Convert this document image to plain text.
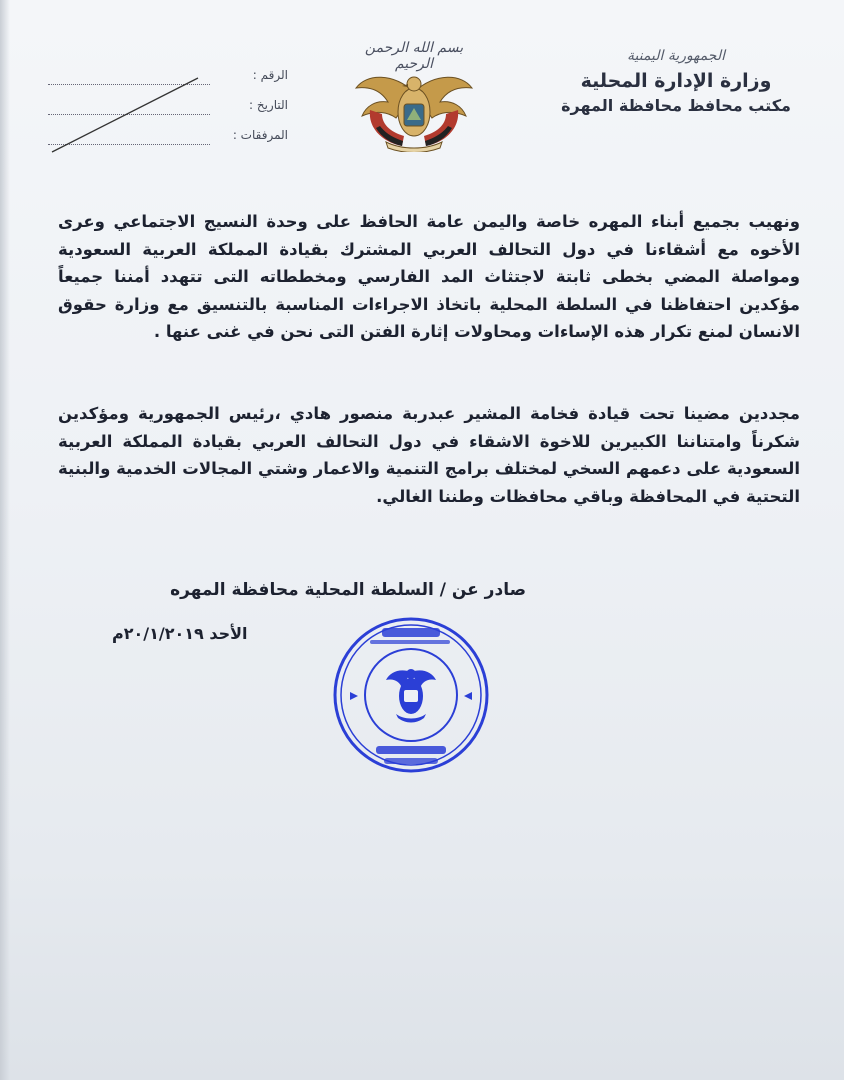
الجمهورية اليمنية
وزارة الإدارة المحلية
مكتب محافظ محافظة المهرة
بسم الله الرحمن الرحيم
الرقم :
التاريخ :
المرفقات :
ونهيب بجميع أبناء المهره خاصة واليمن عامة الحافظ على وحدة النسيج الاجتماعي وعرى الأخوه مع أشقاءنا في دول التحالف العربي المشترك بقيادة المملكة العربية السعودية ومواصلة المضي بخطى ثابتة لاجتثاث المد الفارسي ومخططاته التى تتهدد أمننا جميعاً مؤكدين احتفاظنا في السلطة المحلية باتخاذ الاجراءات المناسبة بالتنسيق مع وزارة حقوق الانسان لمنع تكرار هذه الإساءات ومحاولات إثارة الفتن التى نحن في غنى عنها .
مجددين مضينا تحت قيادة فخامة المشير عبدربة منصور هادي ،رئيس الجمهورية ومؤكدين شكرناً وامتناننا الكبيرين للاخوة الاشقاء في دول التحالف العربي بقيادة المملكة العربية السعودية على دعمهم السخي لمختلف برامج التنمية والاعمار وشتي المجالات الخدمية والبنية التحتية في المحافظة وباقي محافظات وطننا الغالي.
صادر عن / السلطة المحلية محافظة المهره
الأحد ٢٠/١/٢٠١٩م
